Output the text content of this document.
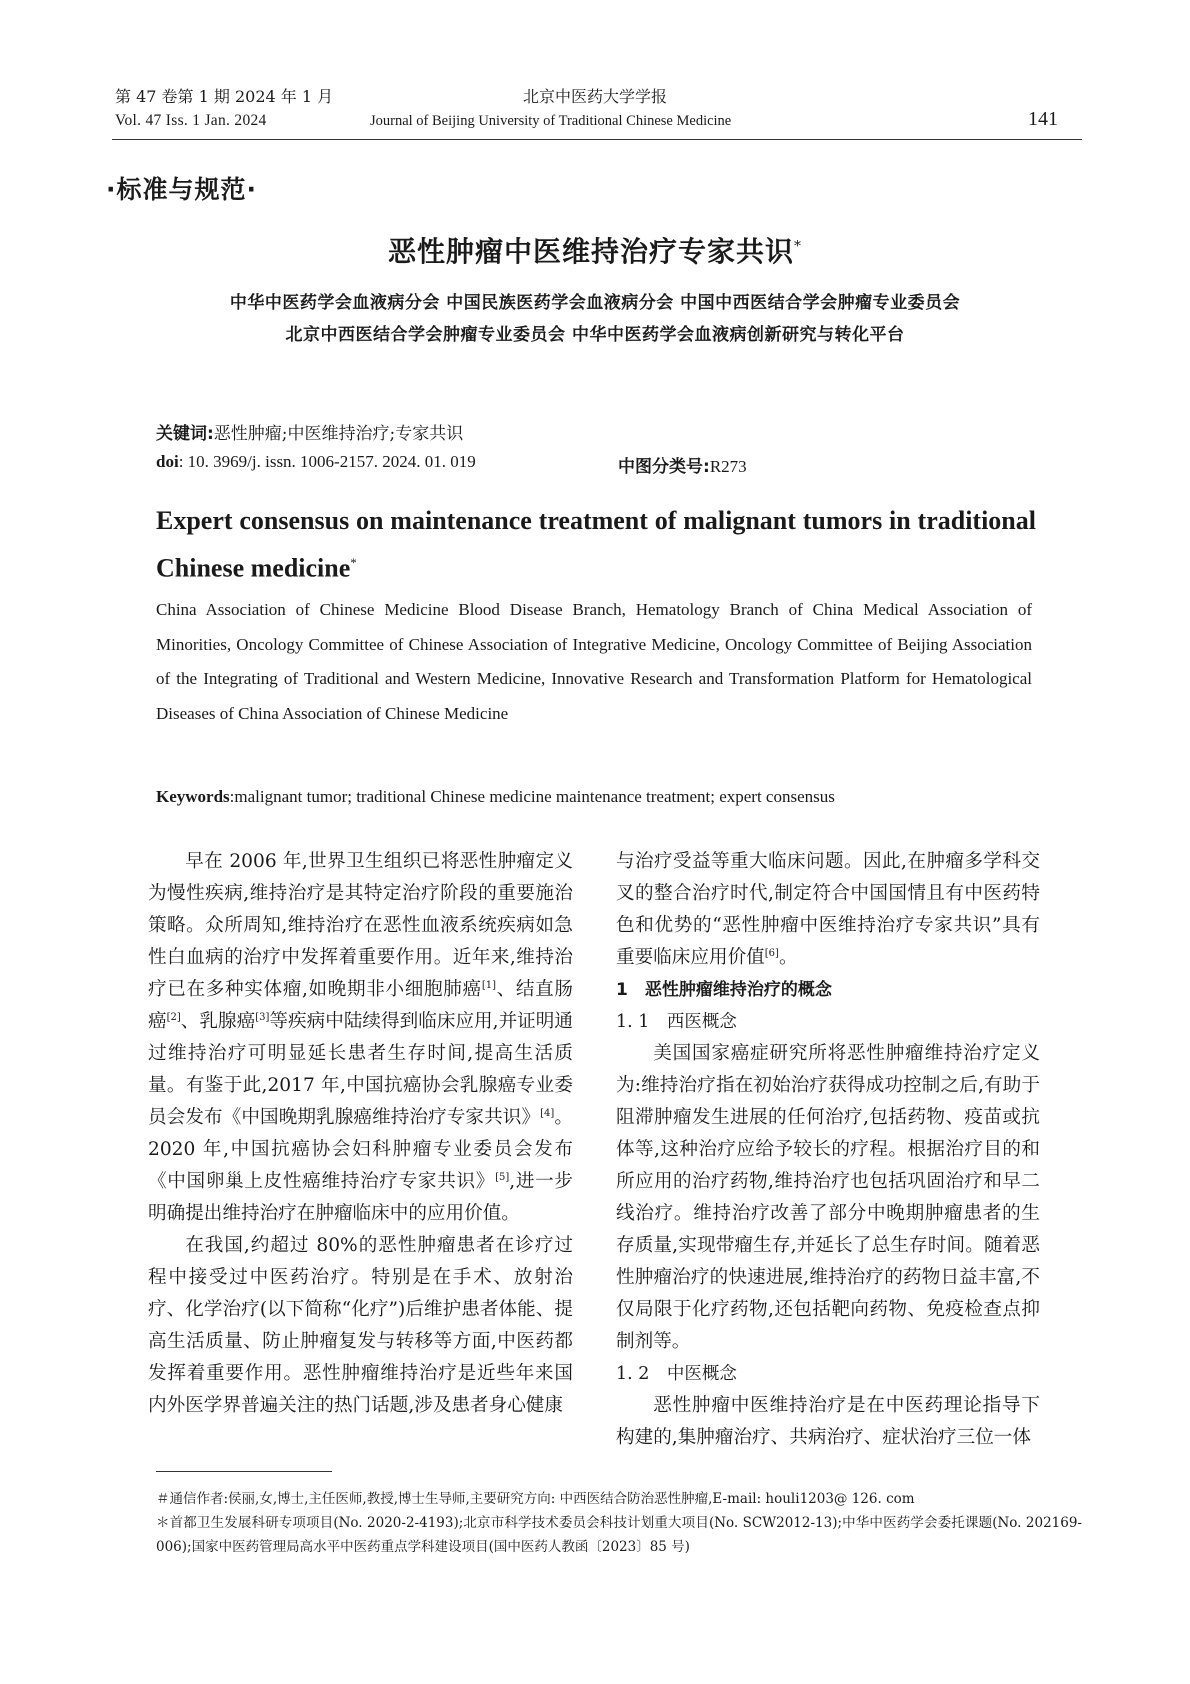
第 47 卷第 1 期 2024 年 1 月	北京中医药大学学报
Vol. 47 Iss. 1 Jan. 2024	Journal of Beijing University of Traditional Chinese Medicine	141
·标准与规范·
恶性肿瘤中医维持治疗专家共识*
中华中医药学会血液病分会 中国民族医药学会血液病分会 中国中西医结合学会肿瘤专业委员会
北京中西医结合学会肿瘤专业委员会 中华中医药学会血液病创新研究与转化平台
关键词:恶性肿瘤;中医维持治疗;专家共识
doi: 10. 3969/j. issn. 1006-2157. 2024. 01. 019	中图分类号:R273
Expert consensus on maintenance treatment of malignant tumors in traditional Chinese medicine*
China Association of Chinese Medicine Blood Disease Branch, Hematology Branch of China Medical Association of Minorities, Oncology Committee of Chinese Association of Integrative Medicine, Oncology Committee of Beijing Association of the Integrating of Traditional and Western Medicine, Innovative Research and Transformation Platform for Hematological Diseases of China Association of Chinese Medicine
Keywords:malignant tumor; traditional Chinese medicine maintenance treatment; expert consensus

早在 2006 年,世界卫生组织已将恶性肿瘤定义为慢性疾病,维持治疗是其特定治疗阶段的重要施治策略。众所周知,维持治疗在恶性血液系统疾病如急性白血病的治疗中发挥着重要作用。近年来,维持治疗已在多种实体瘤,如晚期非小细胞肺癌[1]、结直肠癌[2]、乳腺癌[3]等疾病中陆续得到临床应用,并证明通过维持治疗可明显延长患者生存时间,提高生活质量。有鉴于此,2017 年,中国抗癌协会乳腺癌专业委员会发布《中国晚期乳腺癌维持治疗专家共识》[4]。2020 年,中国抗癌协会妇科肿瘤专业委员会发布《中国卵巢上皮性癌维持治疗专家共识》[5],进一步明确提出维持治疗在肿瘤临床中的应用价值。

在我国,约超过 80%的恶性肿瘤患者在诊疗过程中接受过中医药治疗。特别是在手术、放射治疗、化学治疗(以下简称“化疗”)后维护患者体能、提高生活质量、防止肿瘤复发与转移等方面,中医药都发挥着重要作用。恶性肿瘤维持治疗是近些年来国内外医学界普遍关注的热门话题,涉及患者身心健康

与治疗受益等重大临床问题。因此,在肿瘤多学科交叉的整合治疗时代,制定符合中国国情且有中医药特色和优势的“恶性肿瘤中医维持治疗专家共识”具有重要临床应用价值[6]。

1　恶性肿瘤维持治疗的概念

1. 1　西医概念

美国国家癌症研究所将恶性肿瘤维持治疗定义为:维持治疗指在初始治疗获得成功控制之后,有助于阻滞肿瘤发生进展的任何治疗,包括药物、疫苗或抗体等,这种治疗应给予较长的疗程。根据治疗目的和所应用的治疗药物,维持治疗也包括巩固治疗和早二线治疗。维持治疗改善了部分中晚期肿瘤患者的生存质量,实现带瘤生存,并延长了总生存时间。随着恶性肿瘤治疗的快速进展,维持治疗的药物日益丰富,不仅局限于化疗药物,还包括靶向药物、免疫检查点抑制剂等。

1. 2　中医概念

恶性肿瘤中医维持治疗是在中医药理论指导下构建的,集肿瘤治疗、共病治疗、症状治疗三位一体

＃通信作者:侯丽,女,博士,主任医师,教授,博士生导师,主要研究方向: 中西医结合防治恶性肿瘤,E-mail: houli1203@ 126. com
＊首都卫生发展科研专项项目(No. 2020-2-4193);北京市科学技术委员会科技计划重大项目(No. SCW2012-13);中华中医药学会委托课题(No. 202169-006);国家中医药管理局高水平中医药重点学科建设项目(国中医药人教函〔2023〕85 号)
